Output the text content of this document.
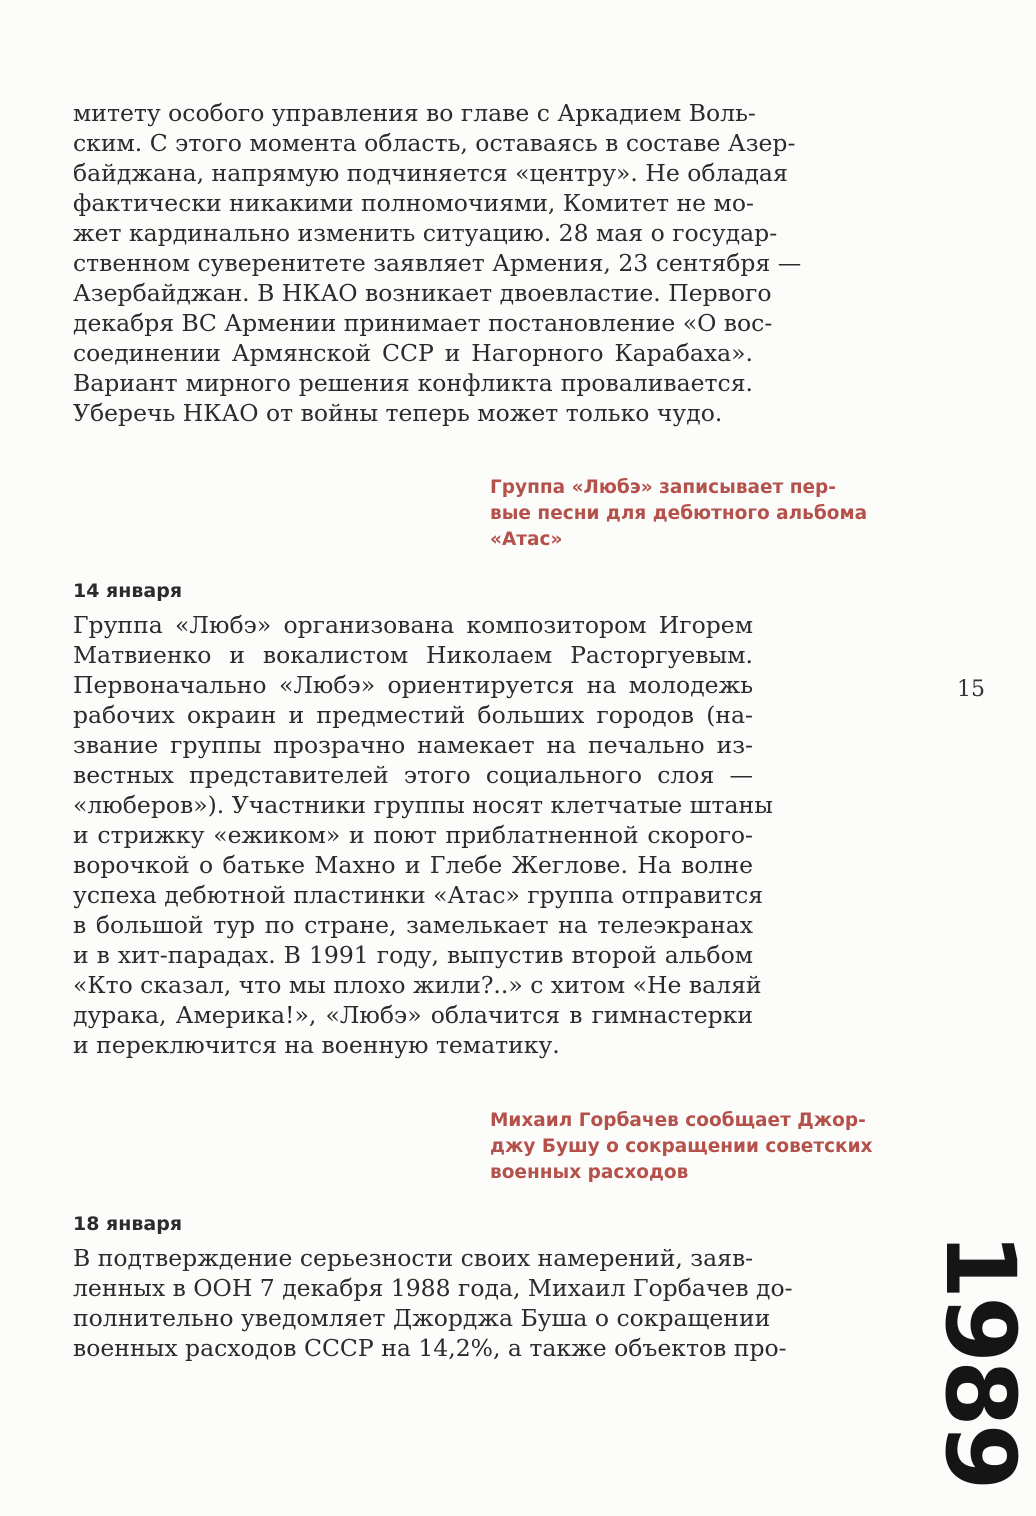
митету особого управления во главе с Аркадием Воль-
ским. С этого момента область, оставаясь в составе Азер-
байджана, напрямую подчиняется «центру». Не обладая
фактически никакими полномочиями, Комитет не мо-
жет кардинально изменить ситуацию. 28 мая о государ-
ственном суверенитете заявляет Армения, 23 сентября —
Азербайджан. В НКАО возникает двоевластие. Первого
декабря ВС Армении принимает постановление «О вос-
соединении Армянской ССР и Нагорного Карабаха».
Вариант мирного решения конфликта проваливается.
Уберечь НКАО от войны теперь может только чудо.
Группа «Любэ» записывает пер-
вые песни для дебютного альбома
«Атас»
14 января
Группа «Любэ» организована композитором Игорем
Матвиенко и вокалистом Николаем Расторгуевым.
Первоначально «Любэ» ориентируется на молодежь
рабочих окраин и предместий больших городов (на-
звание группы прозрачно намекает на печально из-
вестных представителей этого социального слоя —
«люберов»). Участники группы носят клетчатые штаны
и стрижку «ежиком» и поют приблатненной скорого-
ворочкой о батьке Махно и Глебе Жеглове. На волне
успеха дебютной пластинки «Атас» группа отправится
в большой тур по стране, замелькает на телеэкранах
и в хит-парадах. В 1991 году, выпустив второй альбом
«Кто сказал, что мы плохо жили?..» с хитом «Не валяй
дурака, Америка!», «Любэ» облачится в гимнастерки
и переключится на военную тематику.
Михаил Горбачев сообщает Джор-
джу Бушу о сокращении советских
военных расходов
18 января
В подтверждение серьезности своих намерений, заяв-
ленных в ООН 7 декабря 1988 года, Михаил Горбачев до-
полнительно уведомляет Джорджа Буша о сокращении
военных расходов СССР на 14,2%, а также объектов про-
15
1989
